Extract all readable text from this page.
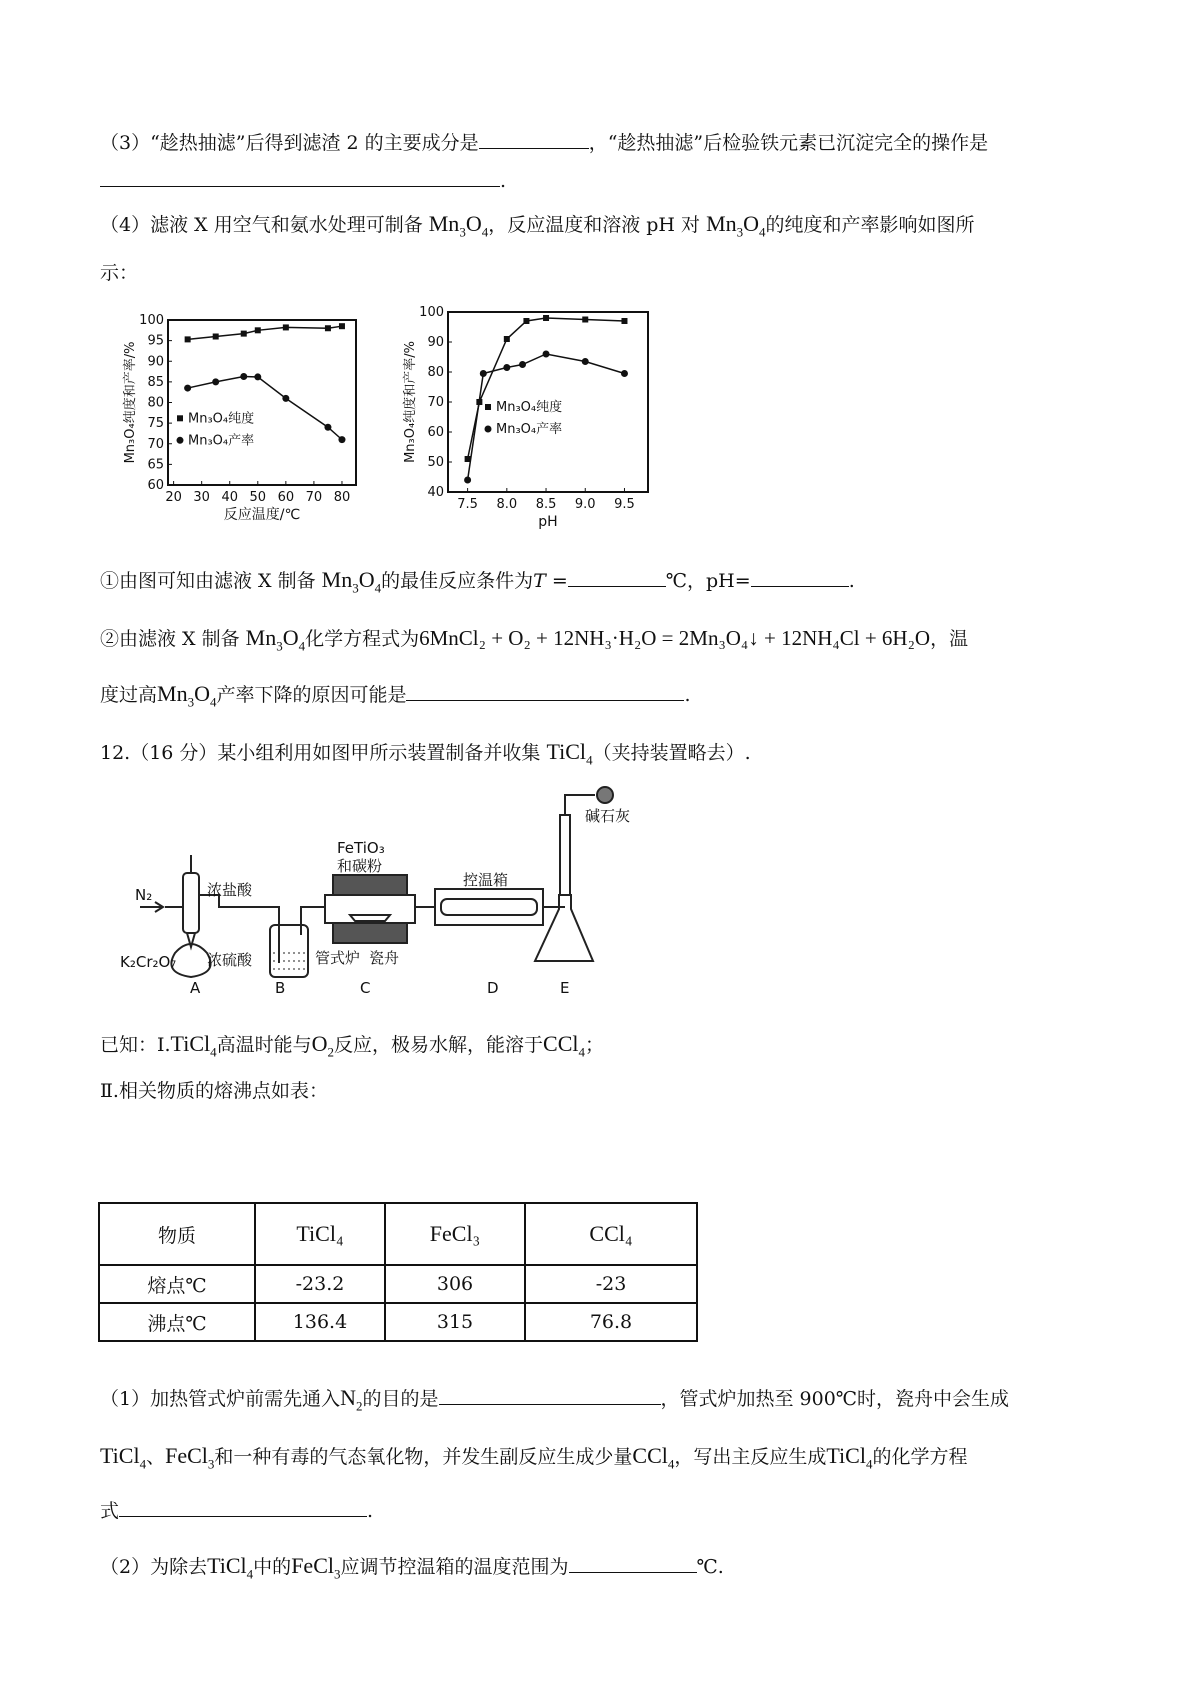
（3）“趁热抽滤”后得到滤渣 2 的主要成分是	，“趁热抽滤”后检验铁元素已沉淀完全的操作是
.
（4）滤液 X 用空气和氨水处理可制备 $Mn_3O_4$，反应温度和溶液 pH 对 $Mn_3O_4$的纯度和产率影响如图所
示：
20 30 40 50 60 70 80
60
65
70
75
80
85
90
95
100
反应温度/℃
Mn₃O₄纯度和产率/%	Mn₃O₄纯度
Mn₃O₄产率
7.5 8.0 8.5 9.0 9.5
40
50
60
70
80
90
100
pH
Mn₃O₄纯度和产率/%	Mn₃O₄纯度
Mn₃O₄产率
①由图可知由滤液 X 制备 $Mn_3O_4$的最佳反应条件为T =	℃，pH=	.
②由滤液 X 制备 $Mn_3O_4$化学方程式为6MnCl₂ + O₂ + 12NH₃·H₂O = 2Mn₃O₄↓ + 12NH₄Cl + 6H₂O，温
度过高$Mn_3O_4$产率下降的原因可能是	.
12.（16 分）某小组利用如图甲所示装置制备并收集 TiCl$_4$（夹持装置略去）.
N₂	浓盐酸
K₂Cr₂O₇ 浓硫酸
FeTiO₃
和碳粉
管式炉 瓷舟
控温箱
碱石灰
A	B	C	D	E
已知：Ⅰ.TiCl$_4$高温时能与$O_2$反应，极易水解，能溶于CCl$_4$；
Ⅱ.相关物质的熔沸点如表：
物质	TiCl₄	FeCl₃	CCl₄
熔点℃	-23.2	306	-23
沸点℃	136.4	315	76.8
（1）加热管式炉前需先通入$N_2$的目的是	，管式炉加热至 900℃时，瓷舟中会生成
TiCl$_4$、FeCl$_3$和一种有毒的气态氧化物，并发生副反应生成少量CCl$_4$，写出主反应生成TiCl$_4$的化学方程
式	.
（2）为除去TiCl$_4$中的FeCl$_3$应调节控温箱的温度范围为	℃.
